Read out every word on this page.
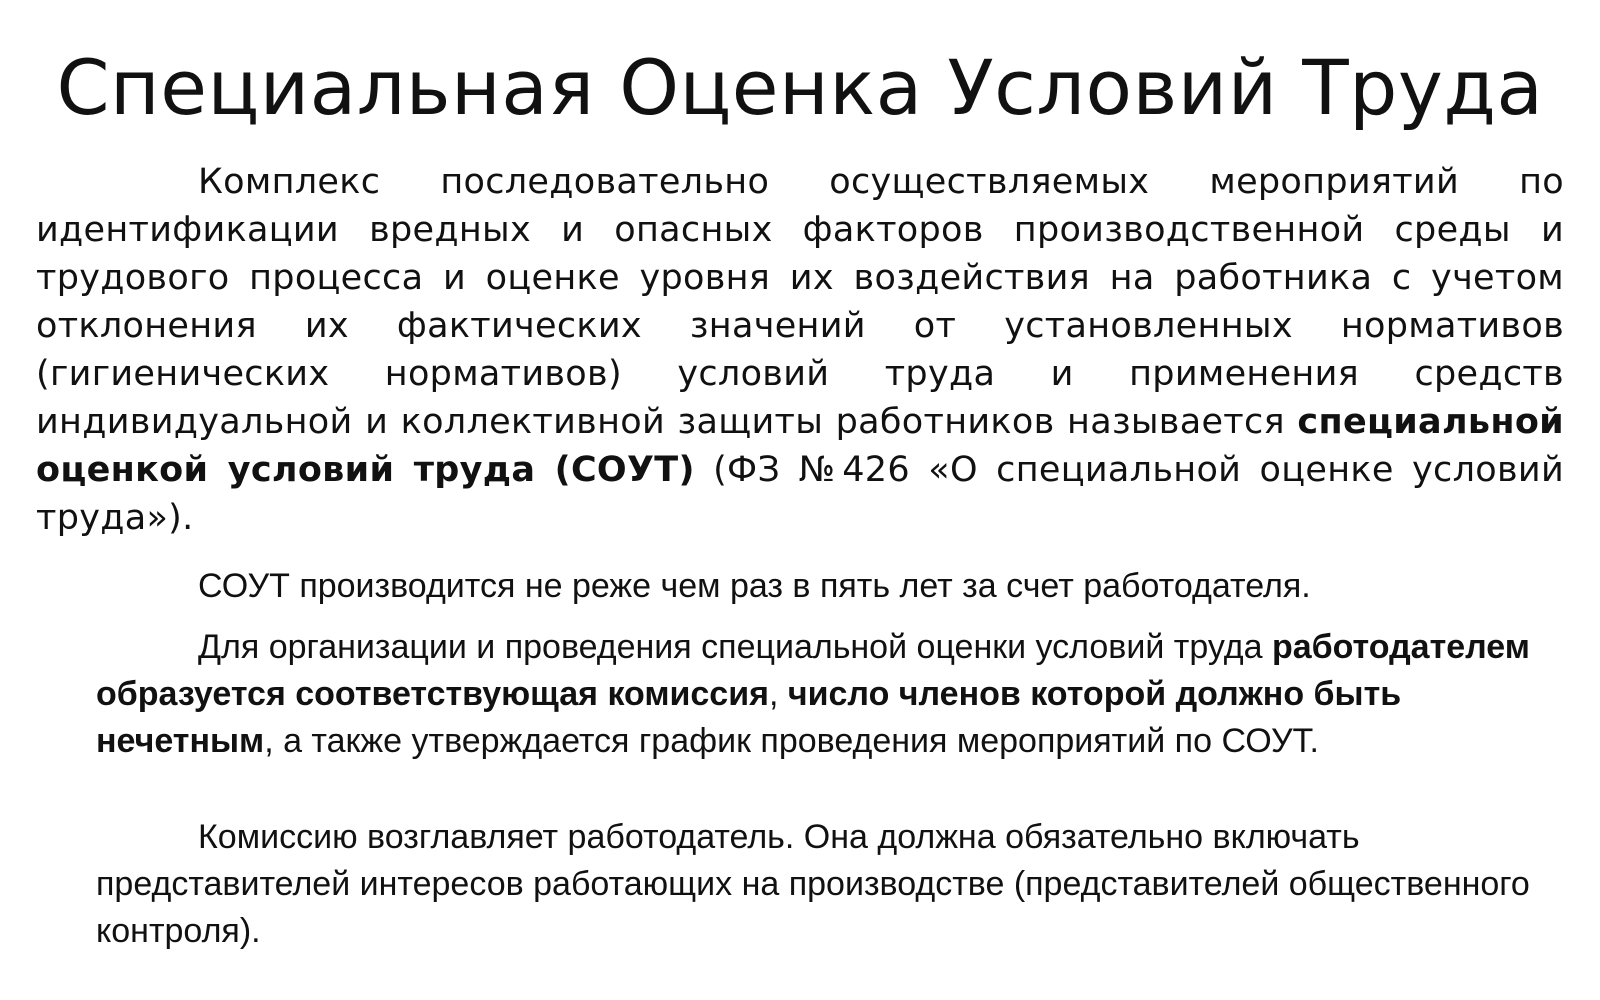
Специальная Оценка Условий Труда

Комплекс последовательно осуществляемых мероприятий по идентификации вредных и опасных факторов производственной среды и трудового процесса и оценке уровня их воздействия на работника с учетом отклонения их фактических значений от установленных нормативов (гигиенических нормативов) условий труда и применения средств индивидуальной и коллективной защиты работников называется специальной оценкой условий труда (СОУТ) (ФЗ №426 «О специальной оценке условий труда»).

СОУТ производится не реже чем раз в пять лет за счет работодателя.

Для организации и проведения специальной оценки условий труда работодателем образуется соответствующая комиссия, число членов которой должно быть нечетным, а также утверждается график проведения мероприятий по СОУТ.

Комиссию возглавляет работодатель. Она должна обязательно включать представителей интересов работающих на производстве (представителей общественного контроля).
